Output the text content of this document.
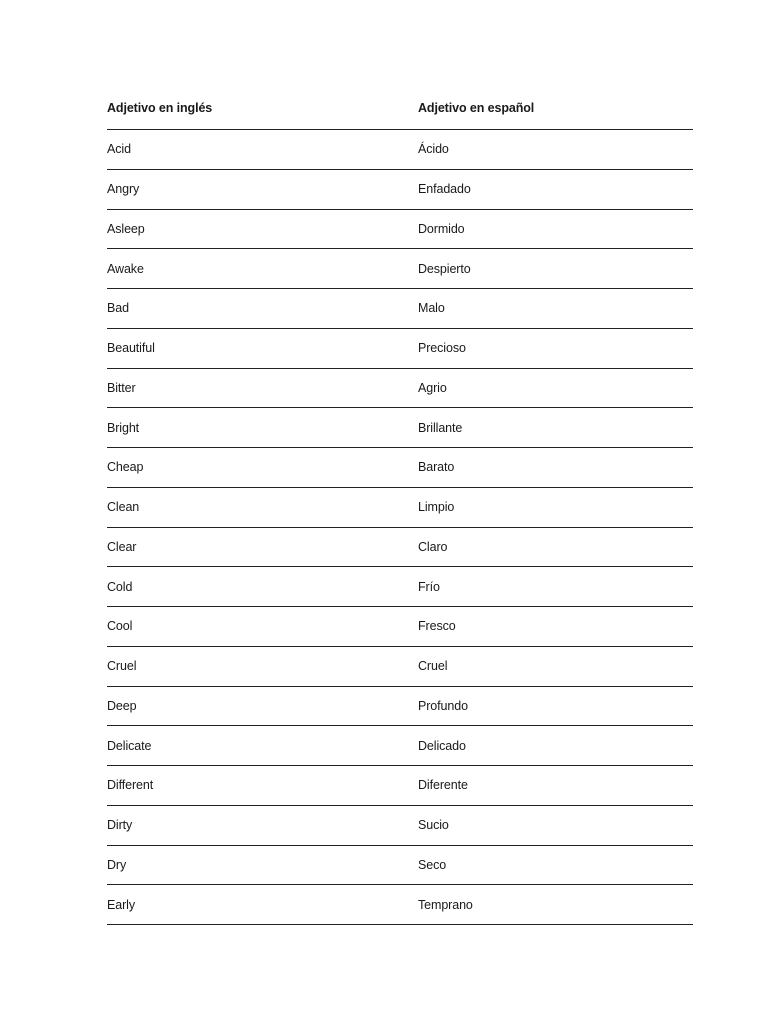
Adjetivo en inglés	Adjetivo en español
Acid	Ácido
Angry	Enfadado
Asleep	Dormido
Awake	Despierto
Bad	Malo
Beautiful	Precioso
Bitter	Agrio
Bright	Brillante
Cheap	Barato
Clean	Limpio
Clear	Claro
Cold	Frío
Cool	Fresco
Cruel	Cruel
Deep	Profundo
Delicate	Delicado
Different	Diferente
Dirty	Sucio
Dry	Seco
Early	Temprano
